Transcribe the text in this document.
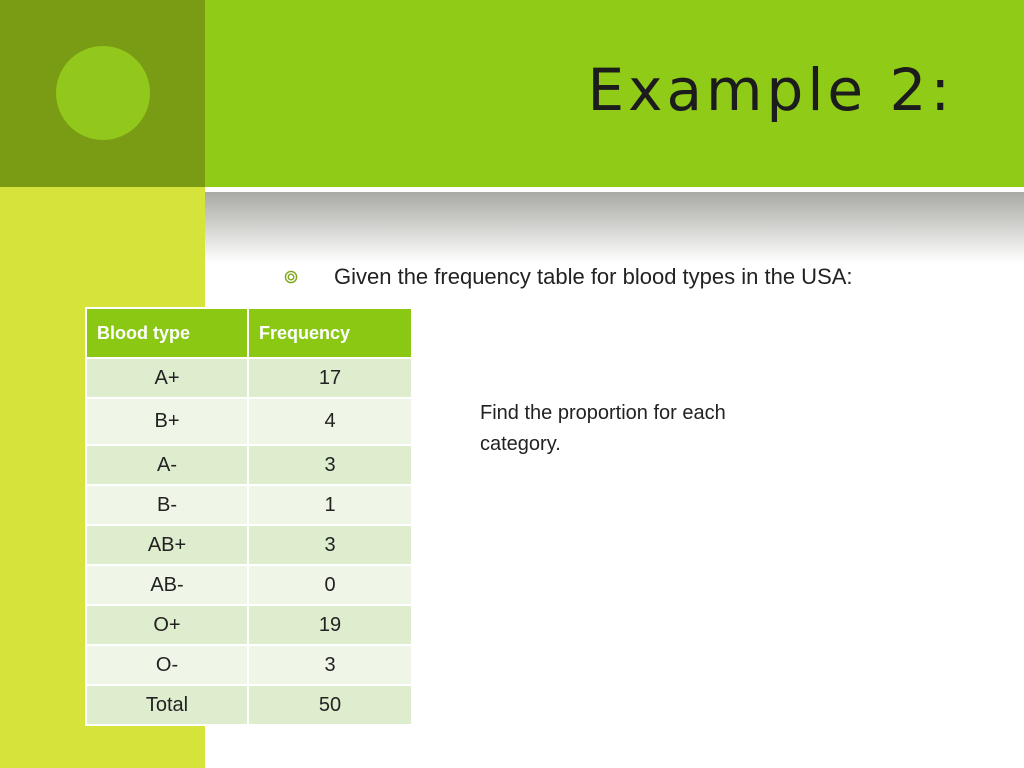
Example 2:
Given the frequency table for blood types in the USA:
Blood type	Frequency
A+	17
B+	4
A-	3
B-	1
AB+	3
AB-	0
O+	19
O-	3
Total	50

Find the proportion for each category.
